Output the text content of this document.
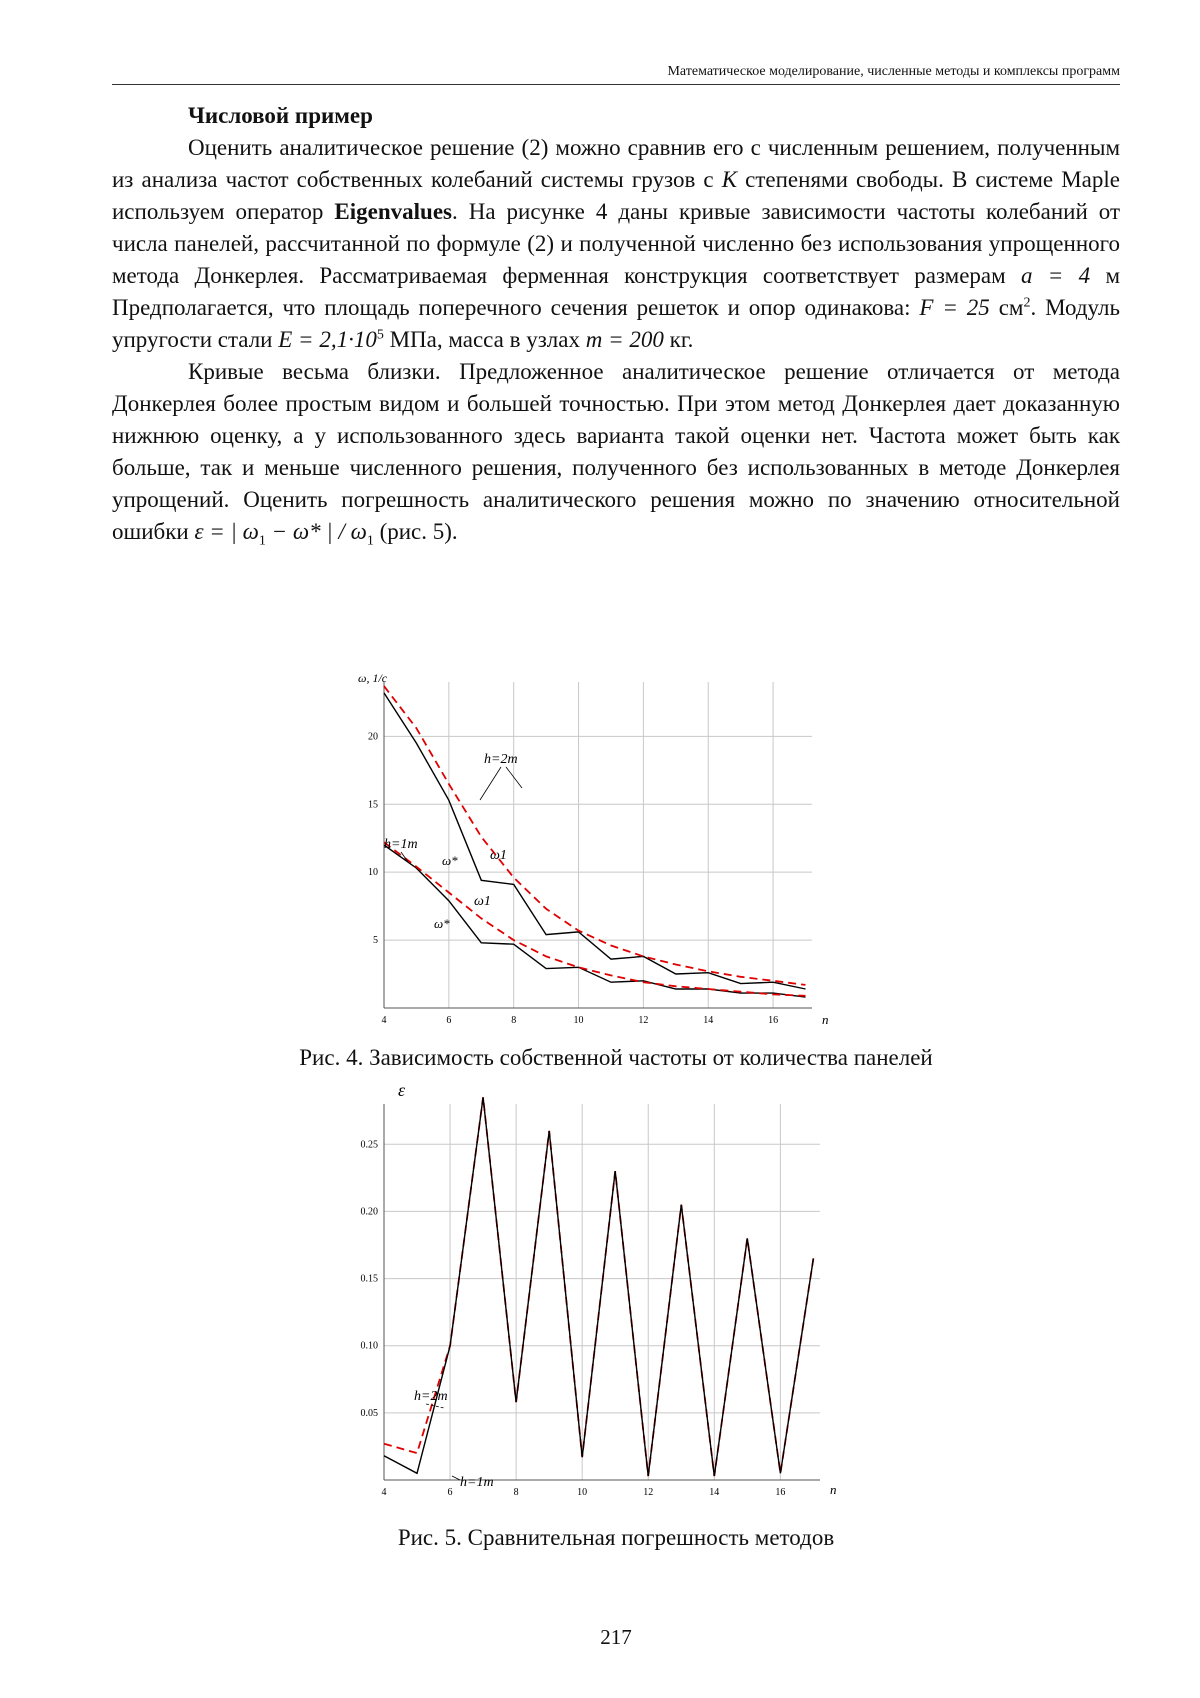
Математическое моделирование, численные методы и комплексы программ
Числовой пример

Оценить аналитическое решение (2) можно сравнив его с численным решением, полученным из анализа частот собственных колебаний системы грузов с K степенями свободы. В системе Maple используем оператор Eigenvalues. На рисунке 4 даны кривые зависимости частоты колебаний от числа панелей, рассчитанной по формуле (2) и полученной численно без использования упрощенного метода Донкерлея. Рассматриваемая ферменная конструкция соответствует размерам a = 4 м Предполагается, что площадь поперечного сечения решеток и опор одинакова: F = 25 $см^2$. Модуль упругости стали $E = 2,1\cdot 10^5$ МПа, масса в узлах m = 200 кг.

Кривые весьма близки. Предложенное аналитическое решение отличается от метода Донкерлея более простым видом и большей точностью. При этом метод Донкерлея дает доказанную нижнюю оценку, а у использованного здесь варианта такой оценки нет. Частота может быть как больше, так и меньше численного решения, полученного без использованных в методе Донкерлея упрощений. Оценить погрешность аналитического решения можно по значению относительной ошибки ε = | $\omega_1 - \omega*$ | / $\omega_1$ (рис. 5).

4	6	8	10	12	14	16
5
10
15
20
ω, 1/c
n
h=2m
h=1m
ω* ω1
ω1
ω*
Рис. 4. Зависимость собственной частоты от количества панелей
4	6	8	10	12	14	16
0.05
0.10
0.15
0.20
0.25
ε
n
h=2m
h=1m
Рис. 5. Сравнительная погрешность методов
217
